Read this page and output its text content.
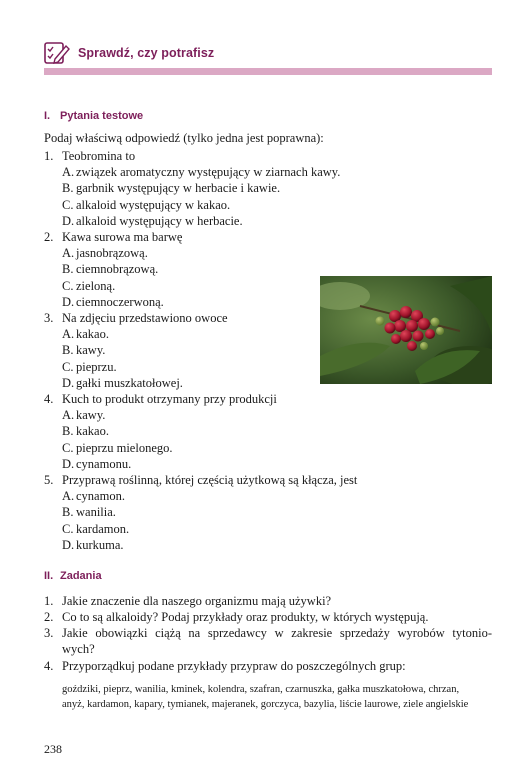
Sprawdź, czy potrafisz
I. Pytania testowe
Podaj właściwą odpowiedź (tylko jedna jest poprawna):
1. Teobromina to
A. związek aromatyczny występujący w ziarnach kawy.
B. garbnik występujący w herbacie i kawie.
C. alkaloid występujący w kakao.
D. alkaloid występujący w herbacie.
2. Kawa surowa ma barwę
A. jasnobrązową.
B. ciemnobrązową.
C. zieloną.
D. ciemnoczerwoną.
3. Na zdjęciu przedstawiono owoce
A. kakao.
B. kawy.
C. pieprzu.
D. gałki muszkatołowej.
4. Kuch to produkt otrzymany przy produkcji
A. kawy.
B. kakao.
C. pieprzu mielonego.
D. cynamonu.
5. Przyprawą roślinną, której częścią użytkową są kłącza, jest
A. cynamon.
B. wanilia.
C. kardamon.
D. kurkuma.
II. Zadania
1. Jakie znaczenie dla naszego organizmu mają używki?
2. Co to są alkaloidy? Podaj przykłady oraz produkty, w których występują.
3. Jakie obowiązki ciążą na sprzedawcy w zakresie sprzedaży wyrobów tytonio-
wych?
4. Przyporządkuj podane przykłady przypraw do poszczególnych grup:
goździki, pieprz, wanilia, kminek, kolendra, szafran, czarnuszka, gałka muszkatołowa, chrzan,
anyż, kardamon, kapary, tymianek, majeranek, gorczyca, bazylia, liście laurowe, ziele angielskie
238
